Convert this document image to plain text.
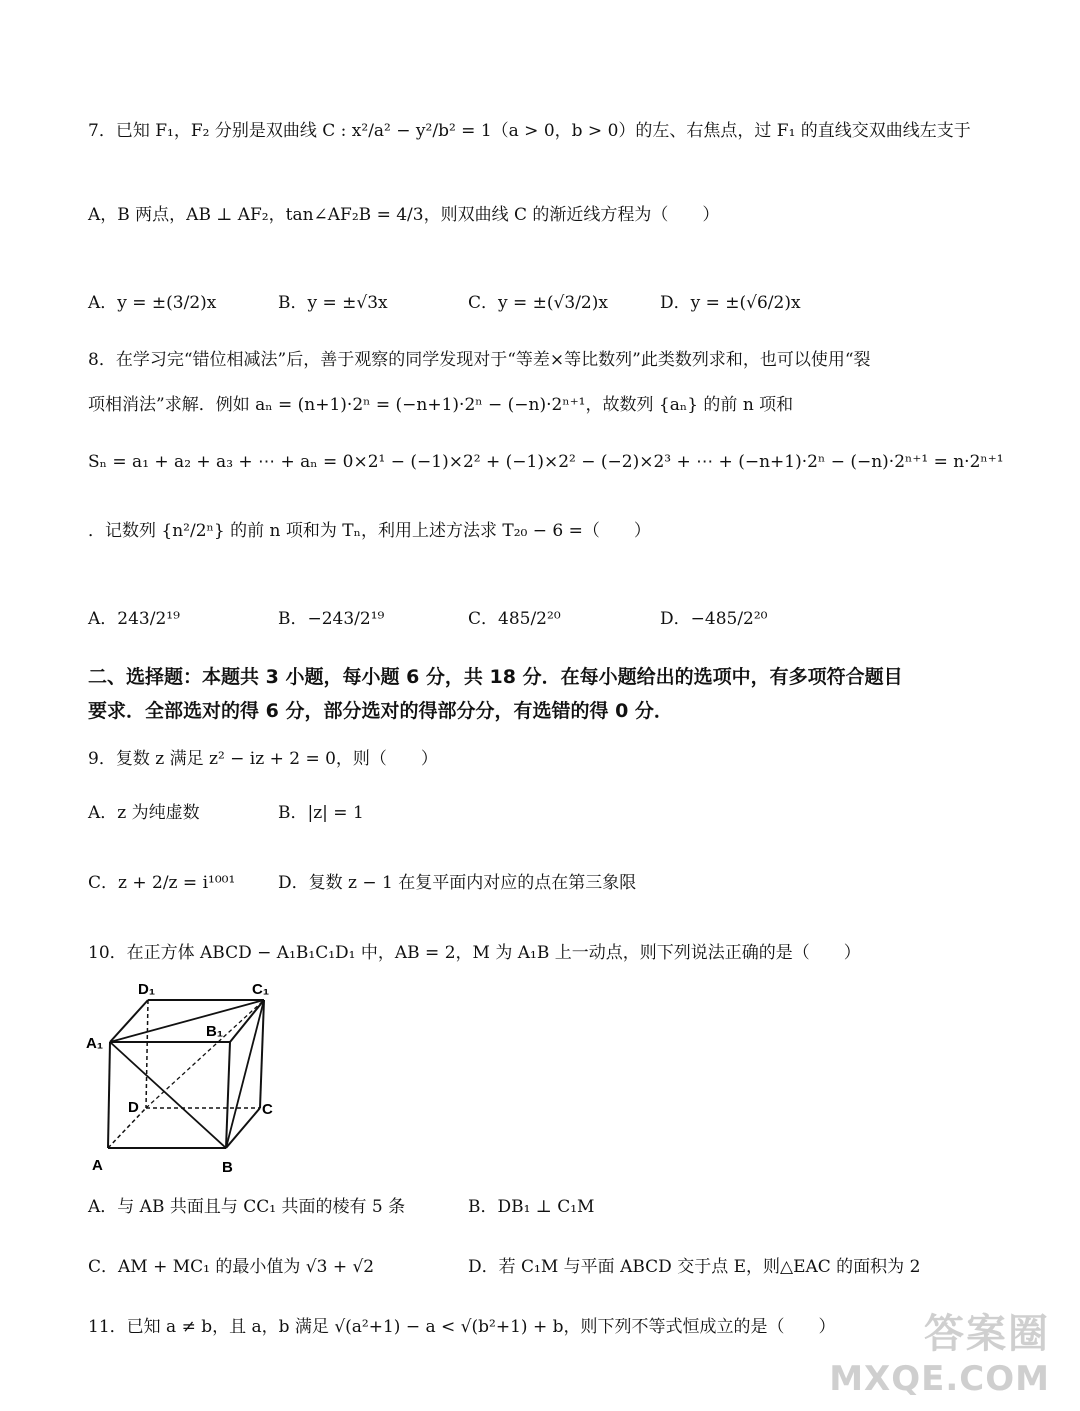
7．已知 F₁，F₂ 分别是双曲线 C : x²/a² − y²/b² = 1（a > 0，b > 0）的左、右焦点，过 F₁ 的直线交双曲线左支于
A，B 两点，AB ⊥ AF₂，tan∠AF₂B = 4/3，则双曲线 C 的渐近线方程为（　　）
A．y = ±(3/2)x	B．y = ±√3x	C．y = ±(√3/2)x	D．y = ±(√6/2)x
8．在学习完“错位相减法”后，善于观察的同学发现对于“等差×等比数列”此类数列求和，也可以使用“裂
项相消法”求解．例如 aₙ = (n+1)·2ⁿ = (−n+1)·2ⁿ − (−n)·2ⁿ⁺¹，故数列 {aₙ} 的前 n 项和
Sₙ = a₁ + a₂ + a₃ + ⋯ + aₙ = 0×2¹ − (−1)×2² + (−1)×2² − (−2)×2³ + ⋯ + (−n+1)·2ⁿ − (−n)·2ⁿ⁺¹ = n·2ⁿ⁺¹
．记数列 {n²/2ⁿ} 的前 n 项和为 Tₙ，利用上述方法求 T₂₀ − 6 =（　　）
A．243/2¹⁹	B．−243/2¹⁹	C．485/2²⁰	D．−485/2²⁰
二、选择题：本题共 3 小题，每小题 6 分，共 18 分．在每小题给出的选项中，有多项符合题目
要求．全部选对的得 6 分，部分选对的得部分分，有选错的得 0 分．
9．复数 z 满足 z² − iz + 2 = 0，则（　　）
A．z 为纯虚数	B．|z| = 1
C．z + 2/z = i¹⁰⁰¹	D．复数 z − 1 在复平面内对应的点在第三象限
10．在正方体 ABCD − A₁B₁C₁D₁ 中，AB = 2，M 为 A₁B 上一动点，则下列说法正确的是（　　）
D₁	C₁
A₁
B₁
D	C
A	B
A．与 AB 共面且与 CC₁ 共面的棱有 5 条	B．DB₁ ⊥ C₁M
C．AM + MC₁ 的最小值为 √3 + √2	D．若 C₁M 与平面 ABCD 交于点 E，则△EAC 的面积为 2
11．已知 a ≠ b，且 a，b 满足 √(a²+1) − a < √(b²+1) + b，则下列不等式恒成立的是（　　）	答案圈
MXQE.COM
